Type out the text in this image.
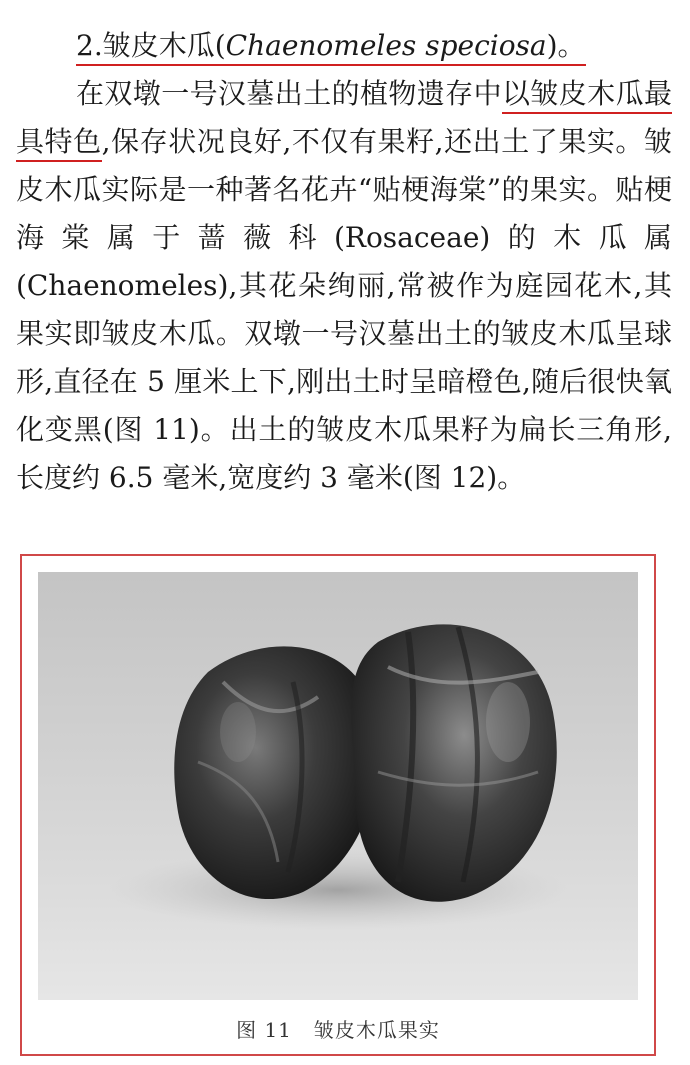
2.皱皮木瓜(Chaenomeles speciosa)。
在双墩一号汉墓出土的植物遗存中以皱皮木瓜最具特色,保存状况良好,不仅有果籽,还出土了果实。皱皮木瓜实际是一种著名花卉“贴梗海棠”的果实。贴梗海棠属于蔷薇科(Rosaceae)的木瓜属(Chaenomeles),其花朵绚丽,常被作为庭园花木,其果实即皱皮木瓜。双墩一号汉墓出土的皱皮木瓜呈球形,直径在 5 厘米上下,刚出土时呈暗橙色,随后很快氧化变黑(图 11)。出土的皱皮木瓜果籽为扁长三角形, 长度约 6.5 毫米,宽度约 3 毫米(图 12)。
图 11 皱皮木瓜果实
